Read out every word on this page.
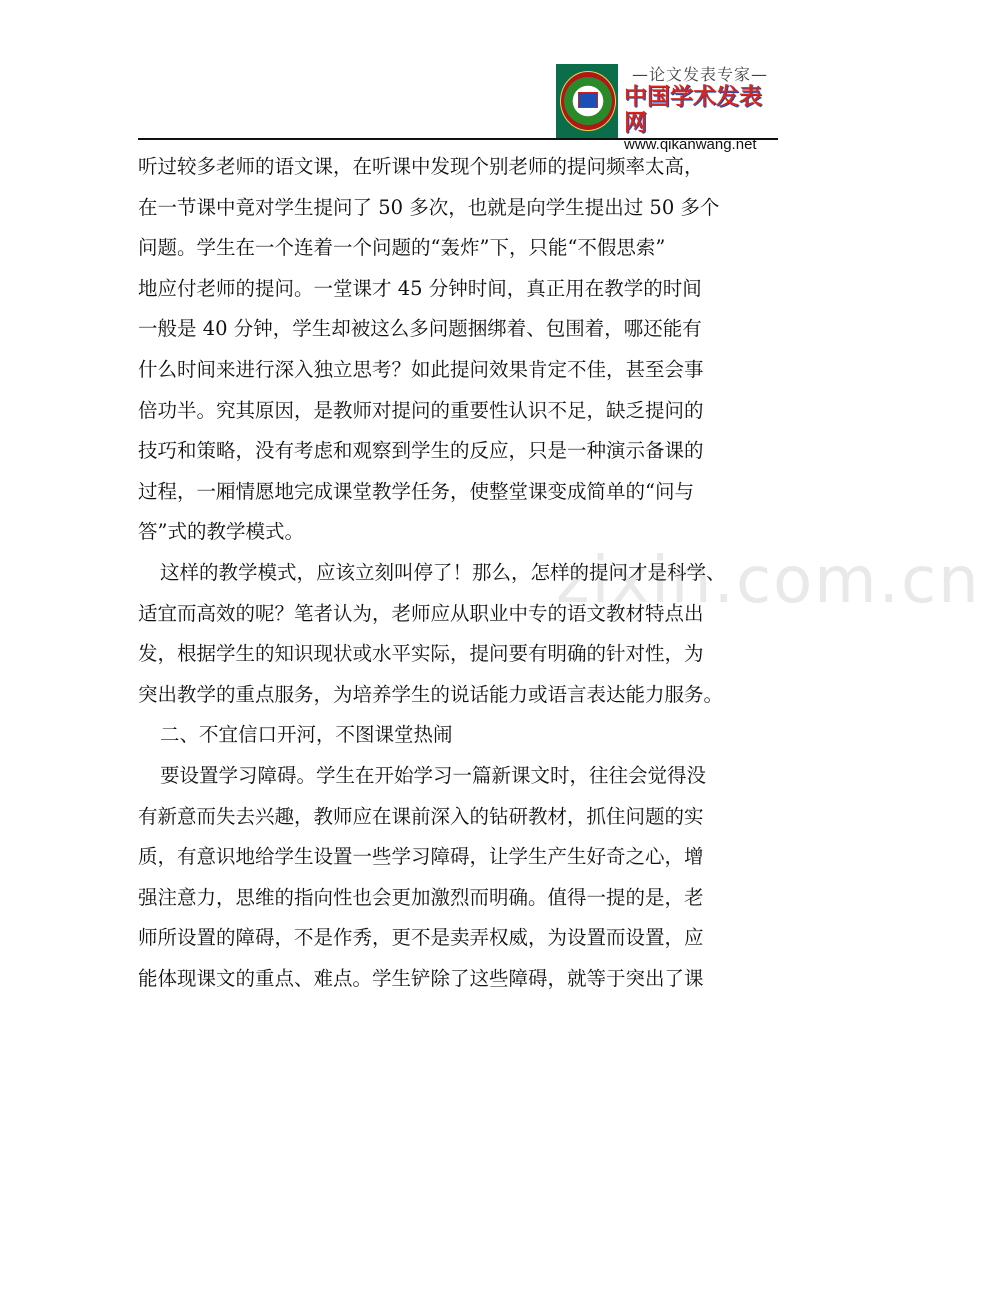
—论文发表专家—
中国学术发表网
www.qikanwang.net
zixin.com.cn
听过较多老师的语文课，在听课中发现个别老师的提问频率太高，
在一节课中竟对学生提问了 50 多次，也就是向学生提出过 50 多个
问题。学生在一个连着一个问题的“轰炸”下，只能“不假思索”
地应付老师的提问。一堂课才 45 分钟时间，真正用在教学的时间
一般是 40 分钟，学生却被这么多问题捆绑着、包围着，哪还能有
什么时间来进行深入独立思考？如此提问效果肯定不佳，甚至会事
倍功半。究其原因，是教师对提问的重要性认识不足，缺乏提问的
技巧和策略，没有考虑和观察到学生的反应，只是一种演示备课的
过程，一厢情愿地完成课堂教学任务，使整堂课变成简单的“问与
答”式的教学模式。
这样的教学模式，应该立刻叫停了！那么，怎样的提问才是科学、
适宜而高效的呢？笔者认为，老师应从职业中专的语文教材特点出
发，根据学生的知识现状或水平实际，提问要有明确的针对性，为
突出教学的重点服务，为培养学生的说话能力或语言表达能力服务。
二、不宜信口开河，不图课堂热闹
要设置学习障碍。学生在开始学习一篇新课文时，往往会觉得没
有新意而失去兴趣，教师应在课前深入的钻研教材，抓住问题的实
质，有意识地给学生设置一些学习障碍，让学生产生好奇之心，增
强注意力，思维的指向性也会更加激烈而明确。值得一提的是，老
师所设置的障碍，不是作秀，更不是卖弄权威，为设置而设置，应
能体现课文的重点、难点。学生铲除了这些障碍，就等于突出了课
